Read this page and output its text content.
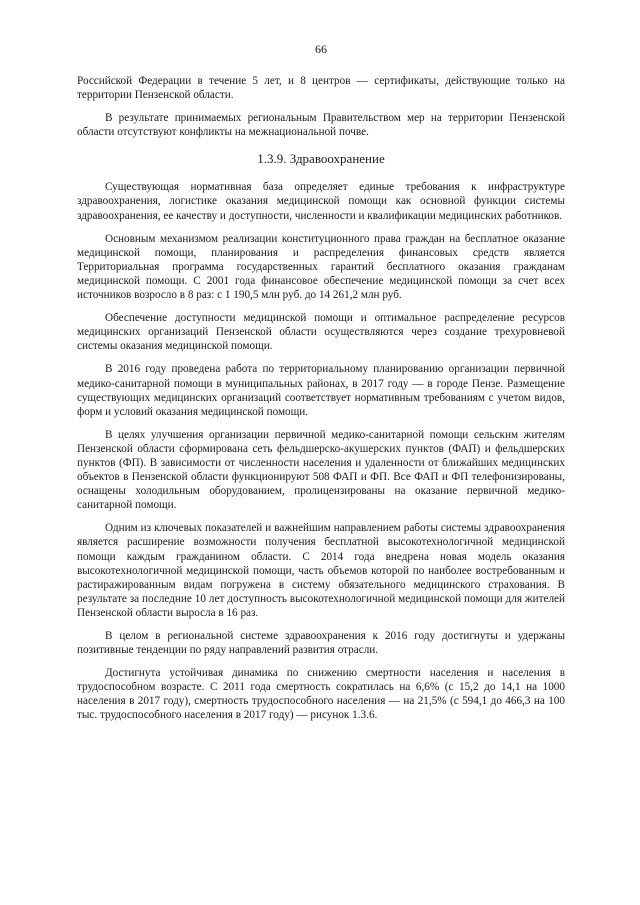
66

Российской Федерации в течение 5 лет, и 8 центров — сертификаты, действующие только на территории Пензенской области.

В результате принимаемых региональным Правительством мер на территории Пензенской области отсутствуют конфликты на межнациональной почве.

1.3.9. Здравоохранение

Существующая нормативная база определяет единые требования к инфраструктуре здравоохранения, логистике оказания медицинской помощи как основной функции системы здравоохранения, ее качеству и доступности, численности и квалификации медицинских работников.

Основным механизмом реализации конституционного права граждан на бесплатное оказание медицинской помощи, планирования и распределения финансовых средств является Территориальная программа государственных гарантий бесплатного оказания гражданам медицинской помощи. С 2001 года финансовое обеспечение медицинской помощи за счет всех источников возросло в 8 раз: с 1 190,5 млн руб. до 14 261,2 млн руб.

Обеспечение доступности медицинской помощи и оптимальное распределение ресурсов медицинских организаций Пензенской области осуществляются через создание трехуровневой системы оказания медицинской помощи.

В 2016 году проведена работа по территориальному планированию организации первичной медико-санитарной помощи в муниципальных районах, в 2017 году — в городе Пензе. Размещение существующих медицинских организаций соответствует нормативным требованиям с учетом видов, форм и условий оказания медицинской помощи.

В целях улучшения организации первичной медико-санитарной помощи сельским жителям Пензенской области сформирована сеть фельдшерско-акушерских пунктов (ФАП) и фельдшерских пунктов (ФП). В зависимости от численности населения и удаленности от ближайших медицинских объектов в Пензенской области функционируют 508 ФАП и ФП. Все ФАП и ФП телефонизированы, оснащены холодильным оборудованием, пролицензированы на оказание первичной медико-санитарной помощи.

Одним из ключевых показателей и важнейшим направлением работы системы здравоохранения является расширение возможности получения бесплатной высокотехнологичной медицинской помощи каждым гражданином области. С 2014 года внедрена новая модель оказания высокотехнологичной медицинской помощи, часть объемов которой по наиболее востребованным и растиражированным видам погружена в систему обязательного медицинского страхования. В результате за последние 10 лет доступность высокотехнологичной медицинской помощи для жителей Пензенской области выросла в 16 раз.

В целом в региональной системе здравоохранения к 2016 году достигнуты и удержаны позитивные тенденции по ряду направлений развития отрасли.

Достигнута устойчивая динамика по снижению смертности населения и населения в трудоспособном возрасте. С 2011 года смертность сократилась на 6,6% (с 15,2 до 14,1 на 1000 населения в 2017 году), смертность трудоспособного населения — на 21,5% (с 594,1 до 466,3 на 100 тыс. трудоспособного населения в 2017 году) — рисунок 1.3.6.
